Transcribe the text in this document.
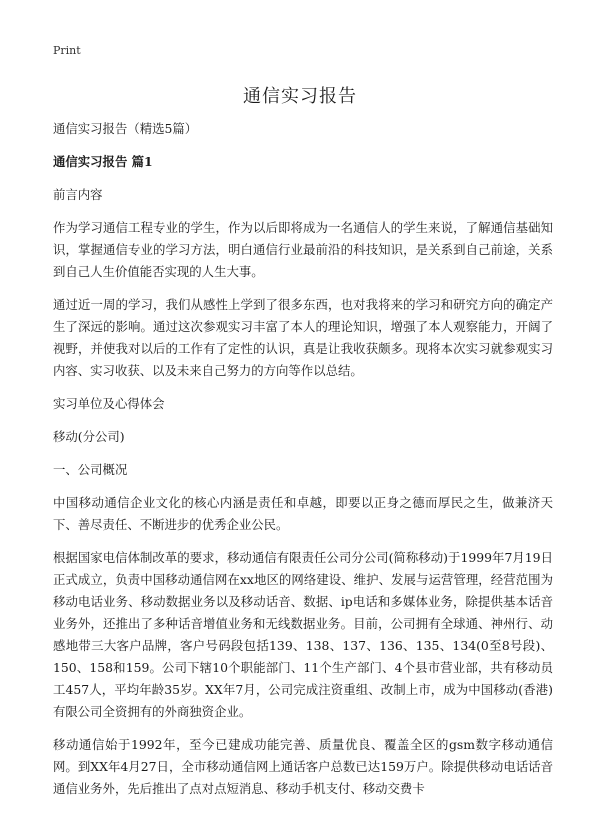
Print
通信实习报告

通信实习报告（精选5篇）

通信实习报告 篇1

前言内容

作为学习通信工程专业的学生，作为以后即将成为一名通信人的学生来说，了解通信基础知识，掌握通信专业的学习方法，明白通信行业最前沿的科技知识，是关系到自己前途，关系到自己人生价值能否实现的人生大事。

通过近一周的学习，我们从感性上学到了很多东西，也对我将来的学习和研究方向的确定产生了深远的影响。通过这次参观实习丰富了本人的理论知识，增强了本人观察能力，开阔了视野，并使我对以后的工作有了定性的认识，真是让我收获颇多。现将本次实习就参观实习内容、实习收获、以及未来自己努力的方向等作以总结。

实习单位及心得体会

移动(分公司)

一、公司概况

中国移动通信企业文化的核心内涵是责任和卓越，即要以正身之德而厚民之生，做兼济天下、善尽责任、不断进步的优秀企业公民。

根据国家电信体制改革的要求，移动通信有限责任公司分公司(简称移动)于1999年7月19日正式成立，负责中国移动通信网在xx地区的网络建设、维护、发展与运营管理，经营范围为移动电话业务、移动数据业务以及移动话音、数据、ip电话和多媒体业务，除提供基本话音业务外，还推出了多种话音增值业务和无线数据业务。目前，公司拥有全球通、神州行、动感地带三大客户品牌，客户号码段包括139、138、137、136、135、134(0至8号段)、150、158和159。公司下辖10个职能部门、11个生产部门、4个县市营业部，共有移动员工457人，平均年龄35岁。XX年7月，公司完成注资重组、改制上市，成为中国移动(香港)有限公司全资拥有的外商独资企业。

移动通信始于1992年，至今已建成功能完善、质量优良、覆盖全区的gsm数字移动通信网。到XX年4月27日，全市移动通信网上通话客户总数已达159万户。除提供移动电话话音通信业务外，先后推出了点对点短消息、移动手机支付、移动交费卡
